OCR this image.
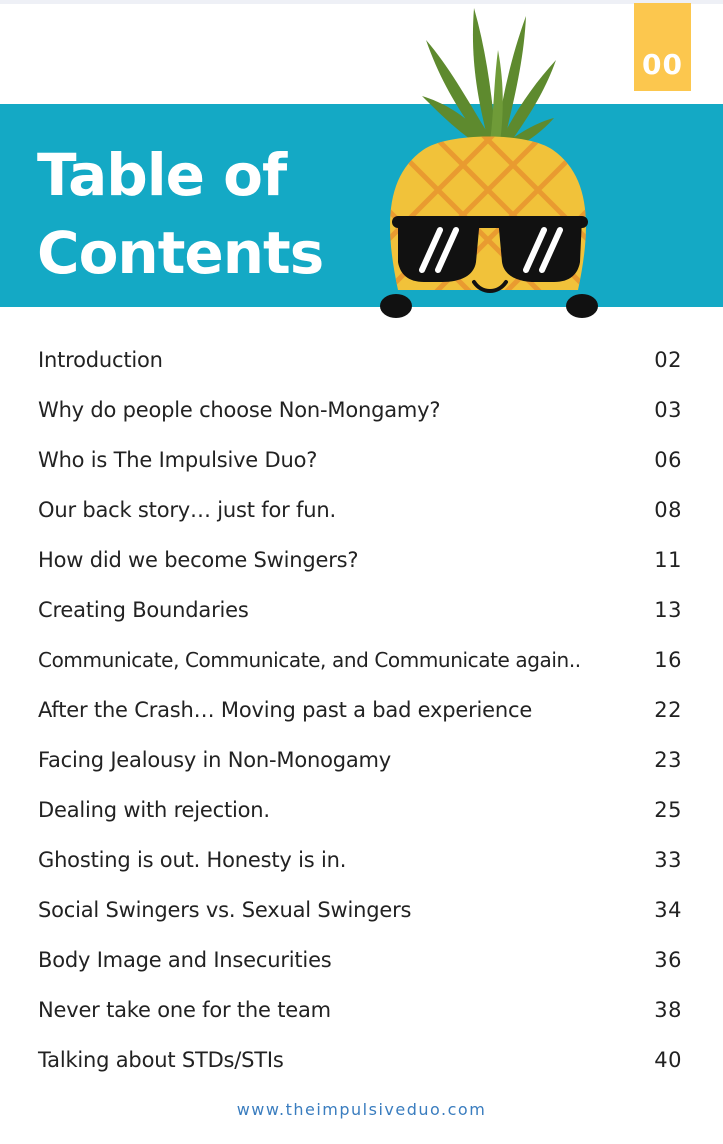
00
Table of
Contents
Introduction	02
Why do people choose Non-Mongamy?	03
Who is The Impulsive Duo?	06
Our back story… just for fun.	08
How did we become Swingers?	11
Creating Boundaries	13
Communicate, Communicate, and Communicate again..	16
After the Crash… Moving past a bad experience	22
Facing Jealousy in Non-Monogamy	23
Dealing with rejection.	25
Ghosting is out. Honesty is in.	33
Social Swingers vs. Sexual Swingers	34
Body Image and Insecurities	36
Never take one for the team	38
Talking about STDs/STIs	40
www.theimpulsiveduo.com
